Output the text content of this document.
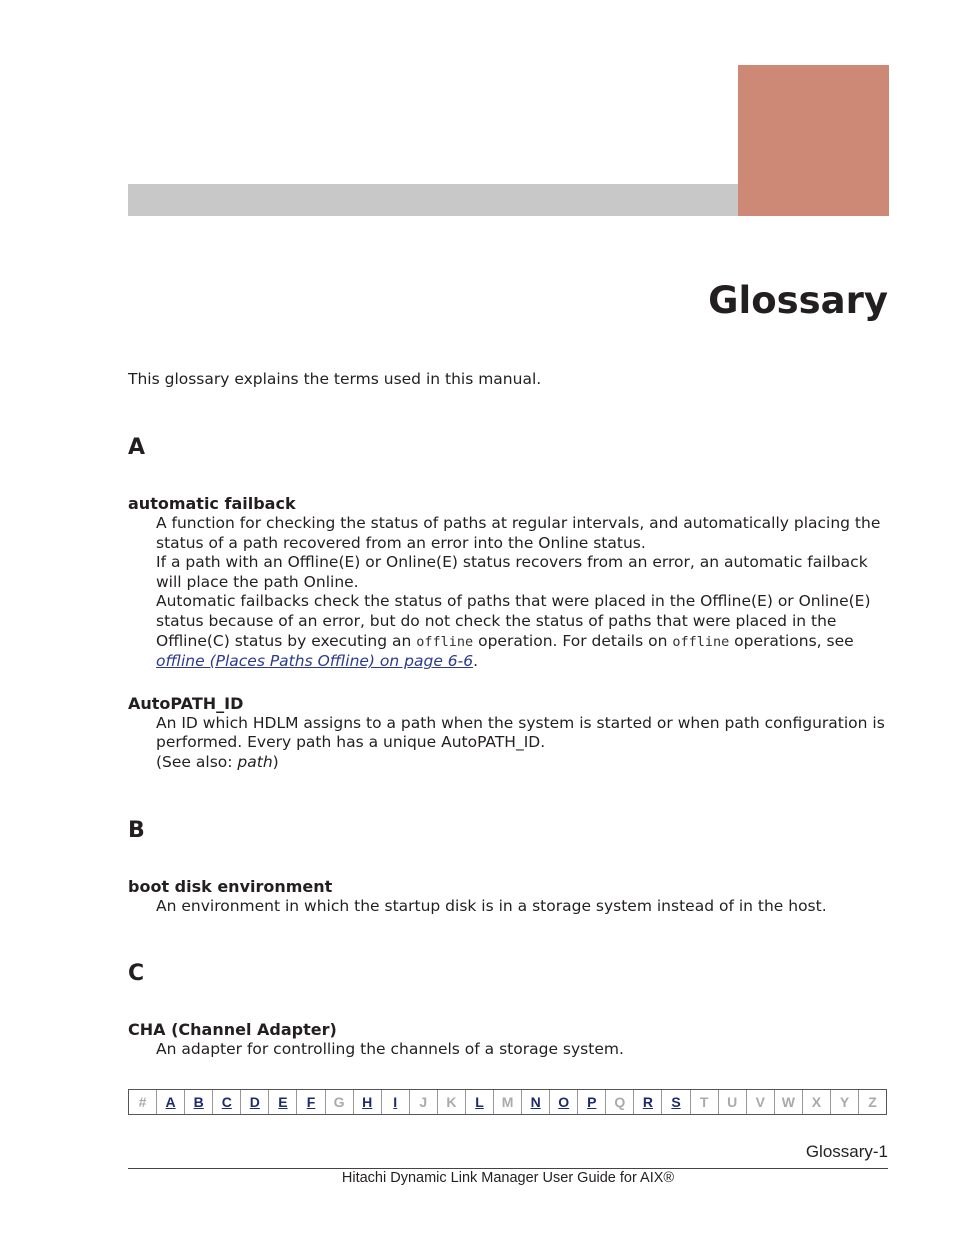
Glossary

This glossary explains the terms used in this manual.

A
automatic failback

A function for checking the status of paths at regular intervals, and automatically placing the status of a path recovered from an error into the Online status.

If a path with an Offline(E) or Online(E) status recovers from an error, an automatic failback will place the path Online.

Automatic failbacks check the status of paths that were placed in the Offline(E) or Online(E) status because of an error, but do not check the status of paths that were placed in the Offline(C) status by executing an offline operation. For details on offline operations, see offline (Places Paths Offline) on page 6-6.

AutoPATH_ID

An ID which HDLM assigns to a path when the system is started or when path configuration is performed. Every path has a unique AutoPATH_ID.

(See also: path)

B
boot disk environment

An environment in which the startup disk is in a storage system instead of in the host.

C
CHA (Channel Adapter)

An adapter for controlling the channels of a storage system.

#	A	B	C	D	E	F	G	H	I	J	K	L	M	N	O	P	Q	R	S	T	U	V	W	X	Y	Z
Glossary-1
Hitachi Dynamic Link Manager User Guide for AIX®
